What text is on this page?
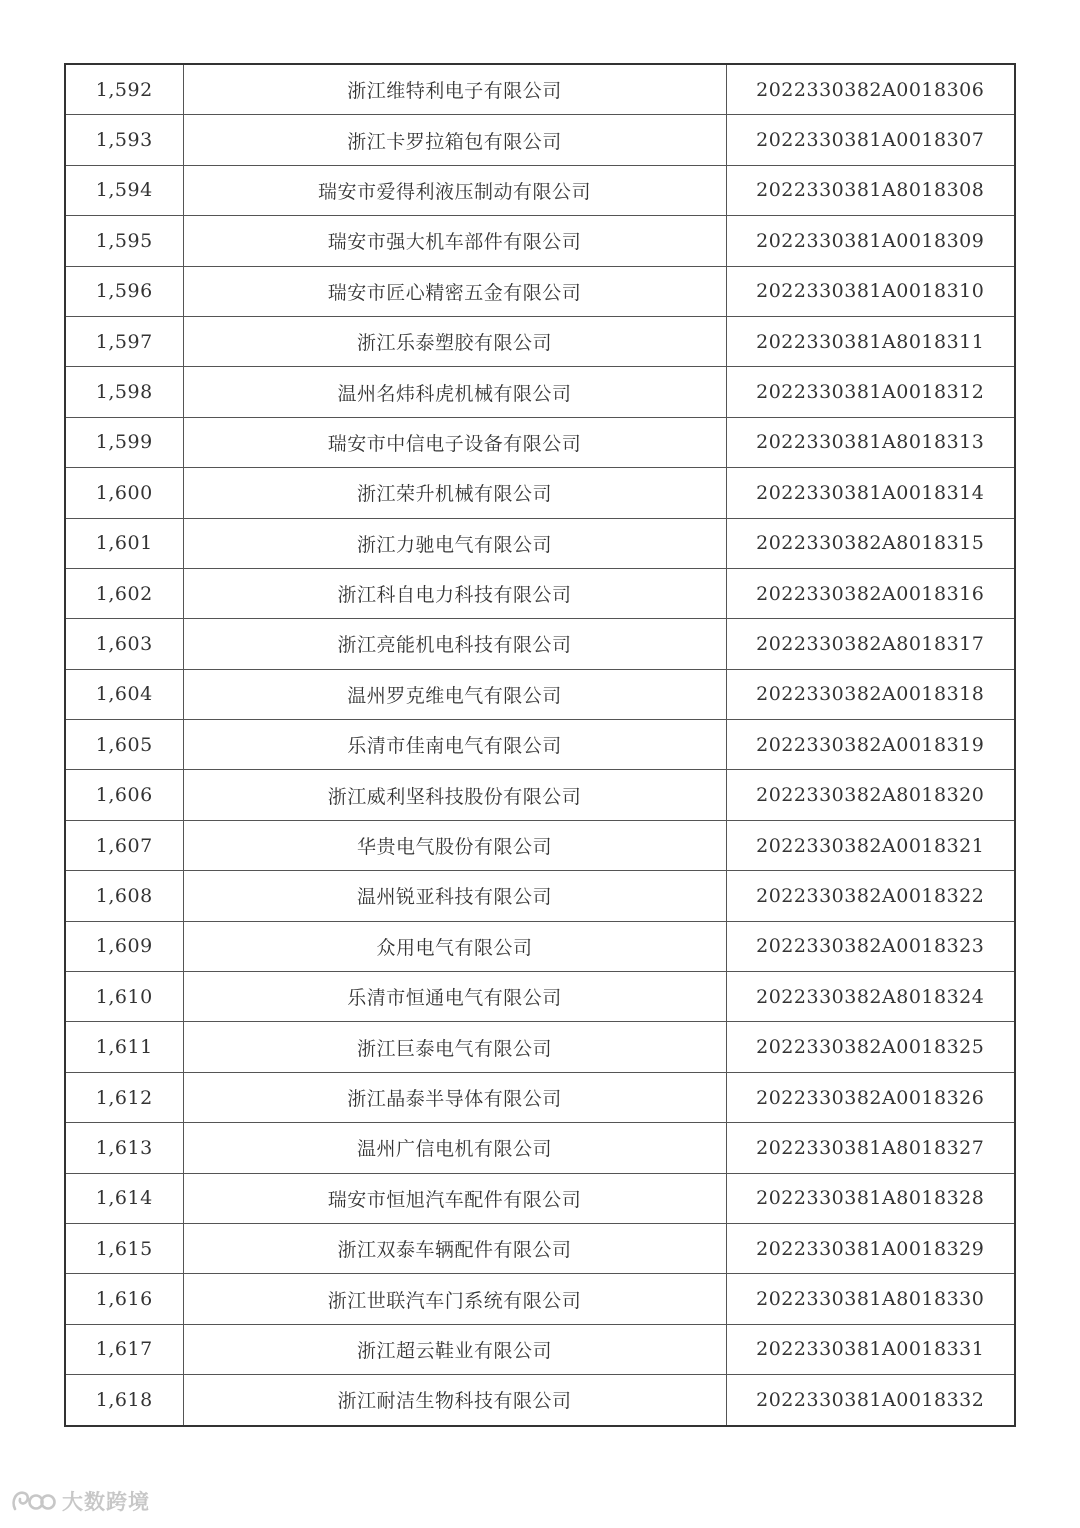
1,592	浙江维特利电子有限公司	2022330382A0018306
1,593	浙江卡罗拉箱包有限公司	2022330381A0018307
1,594	瑞安市爱得利液压制动有限公司	2022330381A8018308
1,595	瑞安市强大机车部件有限公司	2022330381A0018309
1,596	瑞安市匠心精密五金有限公司	2022330381A0018310
1,597	浙江乐泰塑胶有限公司	2022330381A8018311
1,598	温州名炜科虎机械有限公司	2022330381A0018312
1,599	瑞安市中信电子设备有限公司	2022330381A8018313
1,600	浙江荣升机械有限公司	2022330381A0018314
1,601	浙江力驰电气有限公司	2022330382A8018315
1,602	浙江科自电力科技有限公司	2022330382A0018316
1,603	浙江亮能机电科技有限公司	2022330382A8018317
1,604	温州罗克维电气有限公司	2022330382A0018318
1,605	乐清市佳南电气有限公司	2022330382A0018319
1,606	浙江威利坚科技股份有限公司	2022330382A8018320
1,607	华贵电气股份有限公司	2022330382A0018321
1,608	温州锐亚科技有限公司	2022330382A0018322
1,609	众用电气有限公司	2022330382A0018323
1,610	乐清市恒通电气有限公司	2022330382A8018324
1,611	浙江巨泰电气有限公司	2022330382A0018325
1,612	浙江晶泰半导体有限公司	2022330382A0018326
1,613	温州广信电机有限公司	2022330381A8018327
1,614	瑞安市恒旭汽车配件有限公司	2022330381A8018328
1,615	浙江双泰车辆配件有限公司	2022330381A0018329
1,616	浙江世联汽车门系统有限公司	2022330381A8018330
1,617	浙江超云鞋业有限公司	2022330381A0018331
1,618	浙江耐洁生物科技有限公司	2022330381A0018332
大数跨境
